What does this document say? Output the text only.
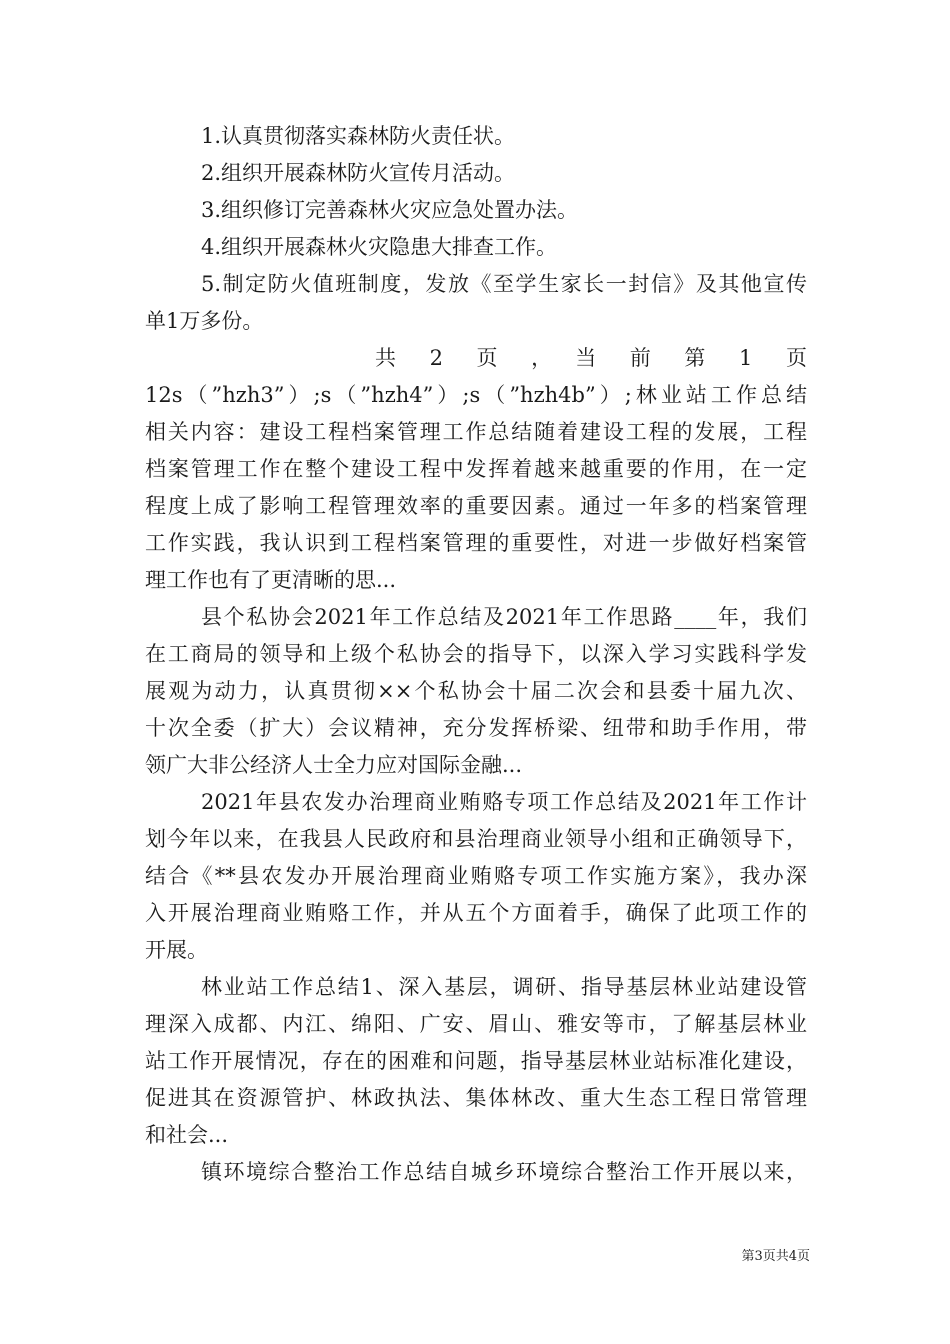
1.认真贯彻落实森林防火责任状。
2.组织开展森林防火宣传月活动。
3.组织修订完善森林火灾应急处置办法。
4.组织开展森林火灾隐患大排查工作。
5.制定防火值班制度，发放《至学生家长一封信》及其他宣传
单1万多份。
共　2　页　，　当　前　第　1　页
12s（”hzh3”）;s（”hzh4”）;s（”hzh4b”）;林业站工作总结
相关内容：建设工程档案管理工作总结随着建设工程的发展，工程
档案管理工作在整个建设工程中发挥着越来越重要的作用，在一定
程度上成了影响工程管理效率的重要因素。通过一年多的档案管理
工作实践，我认识到工程档案管理的重要性，对进一步做好档案管
理工作也有了更清晰的思...
县个私协会2021年工作总结及2021年工作思路____年，我们
在工商局的领导和上级个私协会的指导下，以深入学习实践科学发
展观为动力，认真贯彻××个私协会十届二次会和县委十届九次、
十次全委（扩大）会议精神，充分发挥桥梁、纽带和助手作用，带
领广大非公经济人士全力应对国际金融...
2021年县农发办治理商业贿赂专项工作总结及2021年工作计
划今年以来，在我县人民政府和县治理商业领导小组和正确领导下，
结合《**县农发办开展治理商业贿赂专项工作实施方案》，我办深
入开展治理商业贿赂工作，并从五个方面着手，确保了此项工作的
开展。
林业站工作总结1、深入基层，调研、指导基层林业站建设管
理深入成都、内江、绵阳、广安、眉山、雅安等市，了解基层林业
站工作开展情况，存在的困难和问题，指导基层林业站标准化建设，
促进其在资源管护、林政执法、集体林改、重大生态工程日常管理
和社会...
镇环境综合整治工作总结自城乡环境综合整治工作开展以来，
第3页共4页
